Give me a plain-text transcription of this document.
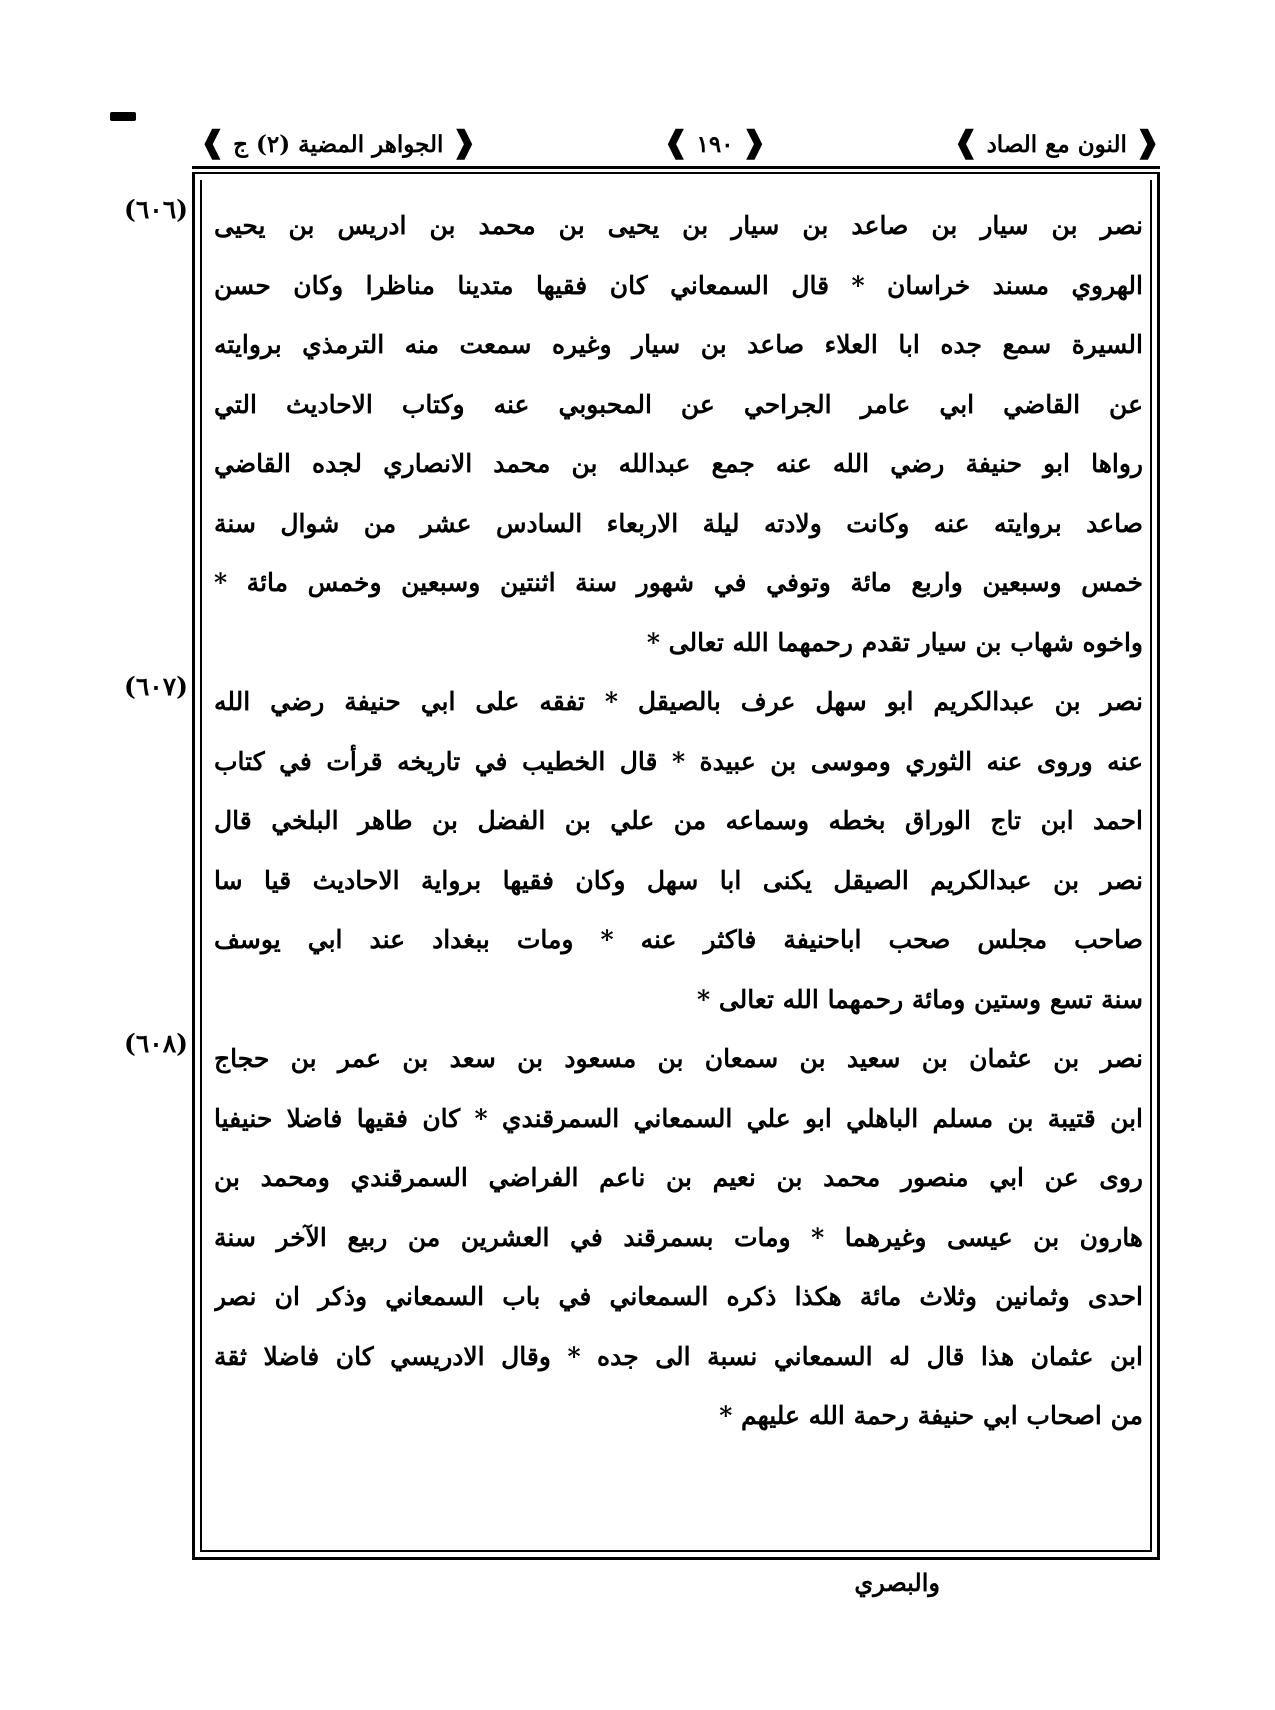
❰ النون مع الصاد ❱
❰ ١٩٠ ❱
❰ الجواهر المضية (٢) ج ❱
(٦٠٦)
(٦٠٧)
(٦٠٨)
نصر بن سيار بن صاعد بن سيار بن يحيى بن محمد بن ادريس بن يحيى
الهروي مسند خراسان * قال السمعاني كان فقيها متدينا مناظرا وكان حسن
السيرة سمع جده ابا العلاء صاعد بن سيار وغيره سمعت منه الترمذي بروايته
عن القاضي ابي عامر الجراحي عن المحبوبي عنه وكتاب الاحاديث التي
رواها ابو حنيفة رضي الله عنه جمع عبدالله بن محمد الانصاري لجده القاضي
صاعد بروايته عنه وكانت ولادته ليلة الاربعاء السادس عشر من شوال سنة
خمس وسبعين واربع مائة وتوفي في شهور سنة اثنتين وسبعين وخمس مائة *
واخوه شهاب بن سيار تقدم رحمهما الله تعالى *
نصر بن عبدالكريم ابو سهل عرف بالصيقل * تفقه على ابي حنيفة رضي الله
عنه وروى عنه الثوري وموسى بن عبيدة * قال الخطيب في تاريخه قرأت في كتاب
احمد ابن تاج الوراق بخطه وسماعه من علي بن الفضل بن طاهر البلخي قال
نصر بن عبدالكريم الصيقل يكنى ابا سهل وكان فقيها برواية الاحاديث قيا سا
صاحب مجلس صحب اباحنيفة فاكثر عنه * ومات ببغداد عند ابي يوسف
سنة تسع وستين ومائة رحمهما الله تعالى *
نصر بن عثمان بن سعيد بن سمعان بن مسعود بن سعد بن عمر بن حجاج
ابن قتيبة بن مسلم الباهلي ابو علي السمعاني السمرقندي * كان فقيها فاضلا حنيفيا
روى عن ابي منصور محمد بن نعيم بن ناعم الفراضي السمرقندي ومحمد بن
هارون بن عيسى وغيرهما * ومات بسمرقند في العشرين من ربيع الآخر سنة
احدى وثمانين وثلاث مائة هكذا ذكره السمعاني في باب السمعاني وذكر ان نصر
ابن عثمان هذا قال له السمعاني نسبة الى جده * وقال الادريسي كان فاضلا ثقة
من اصحاب ابي حنيفة رحمة الله عليهم *
والبصري
